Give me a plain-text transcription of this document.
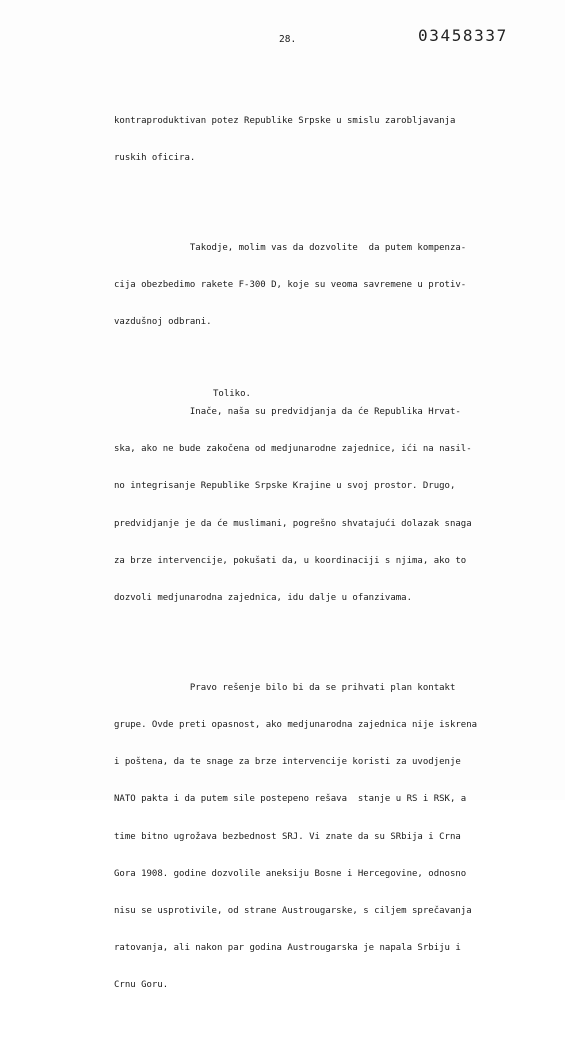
28.	03458337

kontraproduktivan potez Republike Srpske u smislu zarobljavanja

ruskih oficira.

Takodje, molim vas da dozvolite  da putem kompenza-

cija obezbedimo rakete F-300 D, koje su veoma savremene u protiv-

vazdušnoj odbrani.

Inače, naša su predvidjanja da će Republika Hrvat-

ska, ako ne bude zakočena od medjunarodne zajednice, ići na nasil-

no integrisanje Republike Srpske Krajine u svoj prostor. Drugo,

predvidjanje je da će muslimani, pogrešno shvatajući dolazak snaga

za brze intervencije, pokušati da, u koordinaciji s njima, ako to

dozvoli medjunarodna zajednica, idu dalje u ofanzivama.

Pravo rešenje bilo bi da se prihvati plan kontakt

grupe. Ovde preti opasnost, ako medjunarodna zajednica nije iskrena

i poštena, da te snage za brze intervencije koristi za uvodjenje

NATO pakta i da putem sile postepeno rešava  stanje u RS i RSK, a

time bitno ugrožava bezbednost SRJ. Vi znate da su SRbija i Crna

Gora 1908. godine dozvolile aneksiju Bosne i Hercegovine, odnosno

nisu se usprotivile, od strane Austrougarske, s ciljem sprečavanja

ratovanja, ali nakon par godina Austrougarska je napala Srbiju i

Crnu Goru.

Toliko.
